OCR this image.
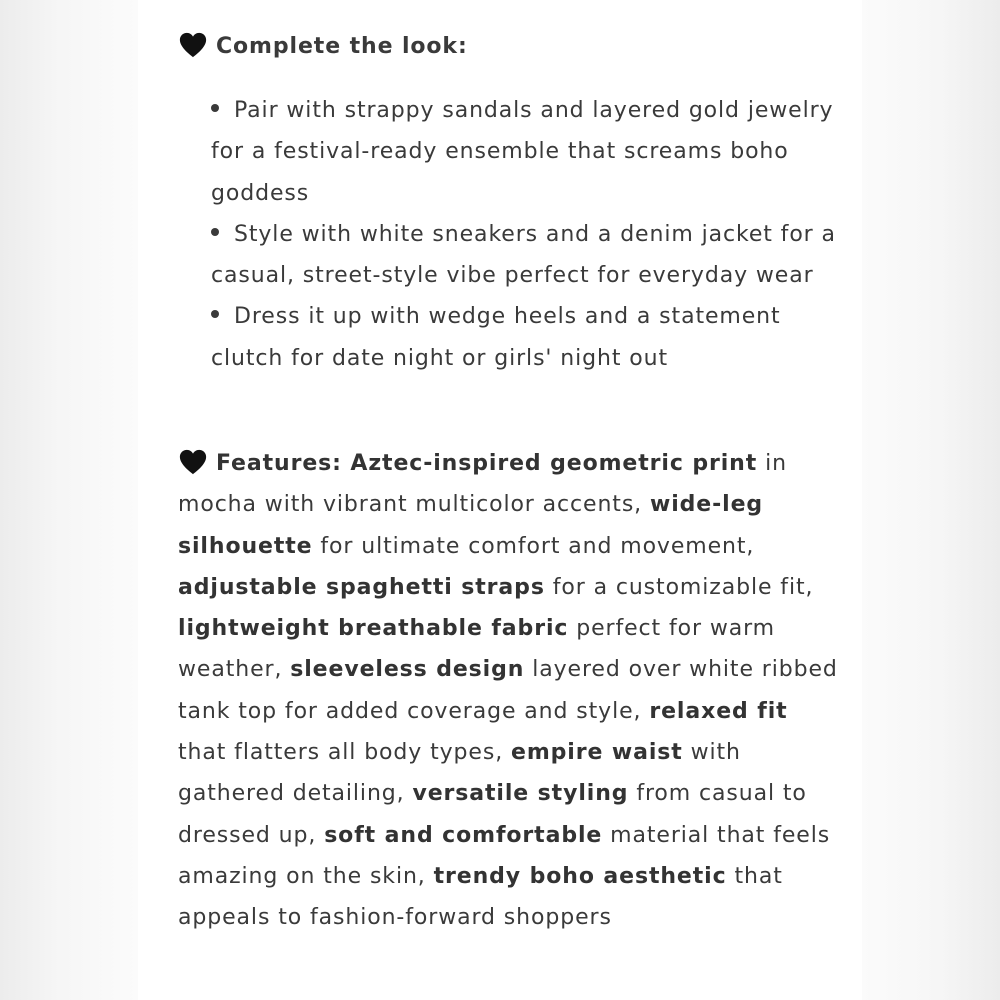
Complete the look:
Pair with strappy sandals and layered gold jewelry for a festival-ready ensemble that screams boho goddess
Style with white sneakers and a denim jacket for a casual, street-style vibe perfect for everyday wear
Dress it up with wedge heels and a statement clutch for date night or girls' night out
Features: Aztec-inspired geometric print in mocha with vibrant multicolor accents, wide-leg silhouette for ultimate comfort and movement, adjustable spaghetti straps for a customizable fit, lightweight breathable fabric perfect for warm weather, sleeveless design layered over white ribbed tank top for added coverage and style, relaxed fit that flatters all body types, empire waist with gathered detailing, versatile styling from casual to dressed up, soft and comfortable material that feels amazing on the skin, trendy boho aesthetic that appeals to fashion-forward shoppers
